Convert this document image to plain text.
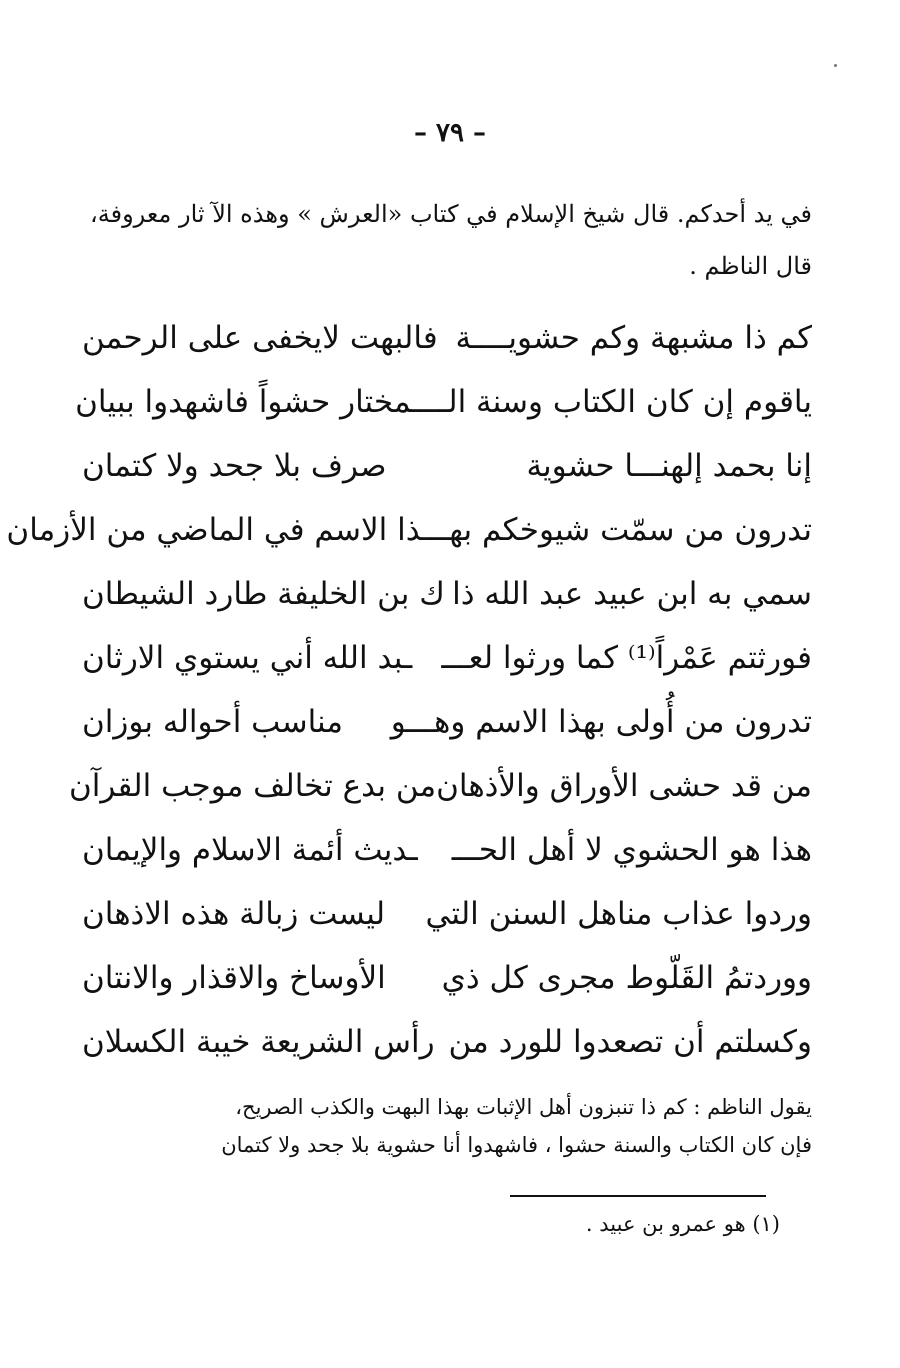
– ٧٩ –
في يد أحدكم. قال شيخ الإسلام في كتاب «العرش » وهذه الآ ثار معروفة،
قال الناظم .
كم ذا مشبهة وكم حشويــــة
فالبهت لايخفى على الرحمن
ياقوم إن كان الكتاب وسنة الـــ
ـمختار حشواً فاشهدوا ببيان
إنا بحمد إلهنـــا حشوية
صرف بلا جحد ولا كتمان
تدرون من سمّت شيوخكم بهــ
ـذا الاسم في الماضي من الأزمان
سمي به ابن عبيد عبد الله ذا
ك بن الخليفة طارد الشيطان
فورثتم عَمْراً⁽¹⁾ كما ورثوا لعـــ
ـبد الله أني يستوي الارثان
تدرون من أُولى بهذا الاسم وهـــو
مناسب أحواله بوزان
من قد حشى الأوراق والأذهان
من بدع تخالف موجب القرآن
هذا هو الحشوي لا أهل الحـــ
ـديث أئمة الاسلام والإيمان
وردوا عذاب مناهل السنن التي
ليست زبالة هذه الاذهان
ووردتمُ القَلّوط مجرى كل ذي
الأوساخ والاقذار والانتان
وكسلتم أن تصعدوا للورد من
رأس الشريعة خيبة الكسلان
يقول الناظم : كم ذا تنبزون أهل الإثبات بهذا البهت والكذب الصريح،
فإن كان الكتاب والسنة حشوا ، فاشهدوا أنا حشوية بلا جحد ولا كتمان
(١) هو عمرو بن عبيد .
